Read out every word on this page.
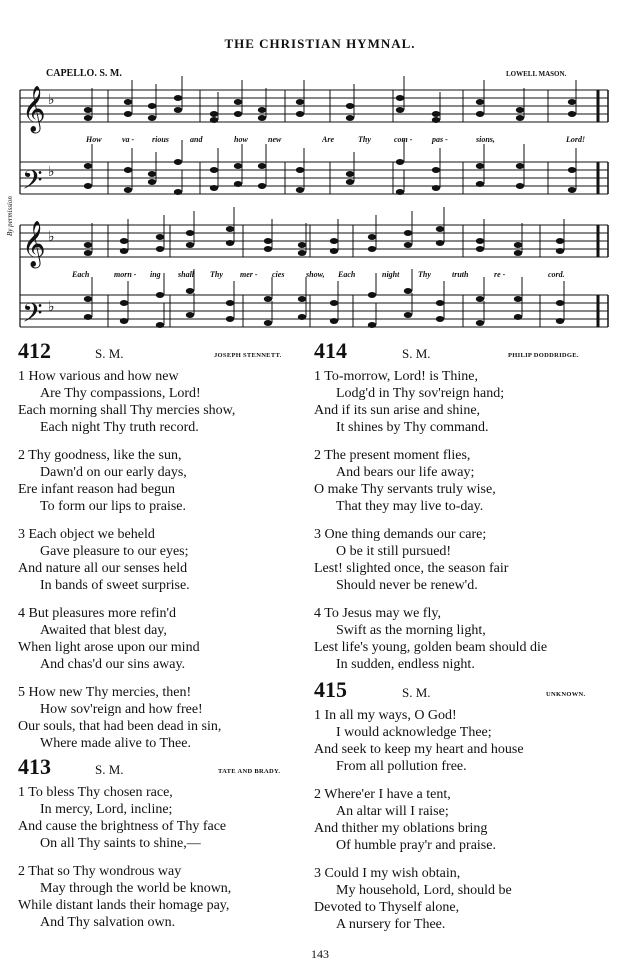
THE CHRISTIAN HYMNAL.
CAPELLO. S. M.	LOWELL MASON.
By permission
𝄞
𝄢
𝄞
𝄢
♭
♭
♭
♭
How	va - rious	and	how	new	Are	Thy	com - pas -	sions,	Lord!
Each	morn - ing shall Thy mer - cies	show, Each	night Thy	truth	re -	cord.
412	S. M.	JOSEPH STENNETT.
1 How various and how new
Are Thy compassions, Lord!
Each morning shall Thy mercies show,
Each night Thy truth record.
2 Thy goodness, like the sun,
Dawn'd on our early days,
Ere infant reason had begun
To form our lips to praise.
3 Each object we beheld
Gave pleasure to our eyes;
And nature all our senses held
In bands of sweet surprise.
4 But pleasures more refin'd
Awaited that blest day,
When light arose upon our mind
And chas'd our sins away.
5 How new Thy mercies, then!
How sov'reign and how free!
Our souls, that had been dead in sin,
Where made alive to Thee.
413	S. M.	TATE AND BRADY.
1 To bless Thy chosen race,
In mercy, Lord, incline;
And cause the brightness of Thy face
On all Thy saints to shine,—
2 That so Thy wondrous way
May through the world be known,
While distant lands their homage pay,
And Thy salvation own.
414	S. M.	PHILIP DODDRIDGE.
1 To-morrow, Lord! is Thine,
Lodg'd in Thy sov'reign hand;
And if its sun arise and shine,
It shines by Thy command.
2 The present moment flies,
And bears our life away;
O make Thy servants truly wise,
That they may live to-day.
3 One thing demands our care;
O be it still pursued!
Lest! slighted once, the season fair
Should never be renew'd.
4 To Jesus may we fly,
Swift as the morning light,
Lest life's young, golden beam should die
In sudden, endless night.
415	S. M.	UNKNOWN.
1 In all my ways, O God!
I would acknowledge Thee;
And seek to keep my heart and house
From all pollution free.
2 Where'er I have a tent,
An altar will I raise;
And thither my oblations bring
Of humble pray'r and praise.
3 Could I my wish obtain,
My household, Lord, should be
Devoted to Thyself alone,
A nursery for Thee.
143
